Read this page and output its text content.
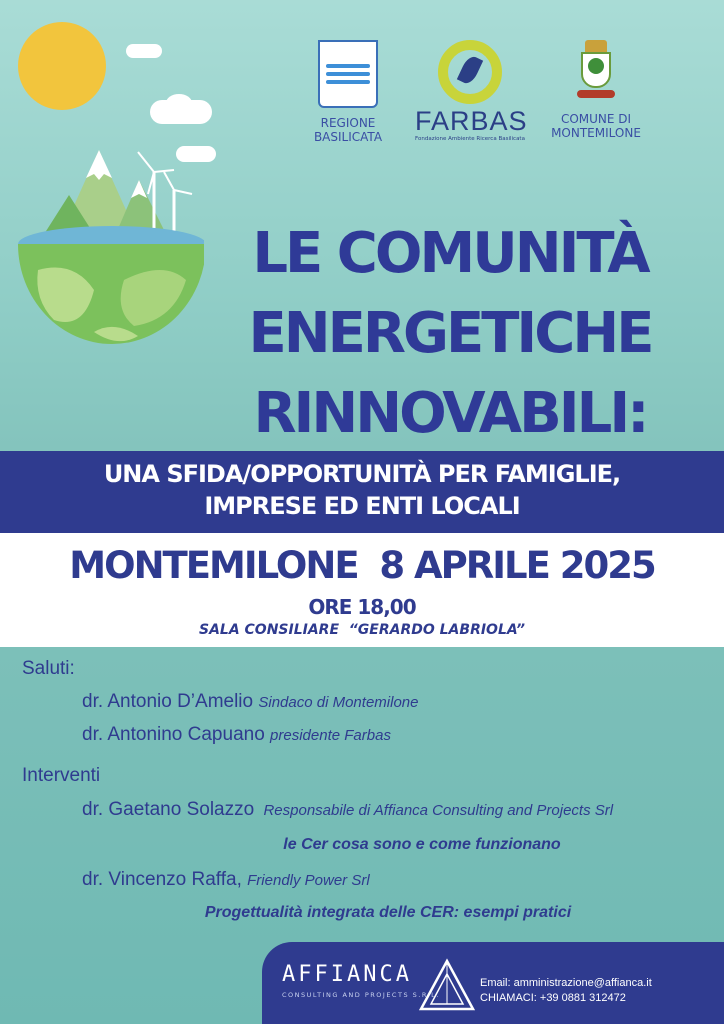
REGIONE
BASILICATA
FARBAS
Fondazione Ambiente Ricerca Basilicata
COMUNE DI
MONTEMILONE
LE COMUNITÀ
ENERGETICHE
RINNOVABILI:
UNA SFIDA/OPPORTUNITÀ PER FAMIGLIE,
IMPRESE ED ENTI LOCALI
MONTEMILONE  8 APRILE 2025
ORE 18,00
SALA CONSILIARE  “GERARDO LABRIOLA”
Saluti:
dr. Antonio D’Amelio Sindaco di Montemilone
dr. Antonino Capuano presidente Farbas
Interventi
dr. Gaetano Solazzo Responsabile di Affianca Consulting and Projects Srl
le Cer cosa sono e come funzionano
dr. Vincenzo Raffa, Friendly Power Srl
Progettualità integrata delle CER: esempi pratici
AFFIANCA
CONSULTING AND PROJECTS S.R.L.
Email: amministrazione@affianca.it
CHIAMACI: +39 0881 312472
